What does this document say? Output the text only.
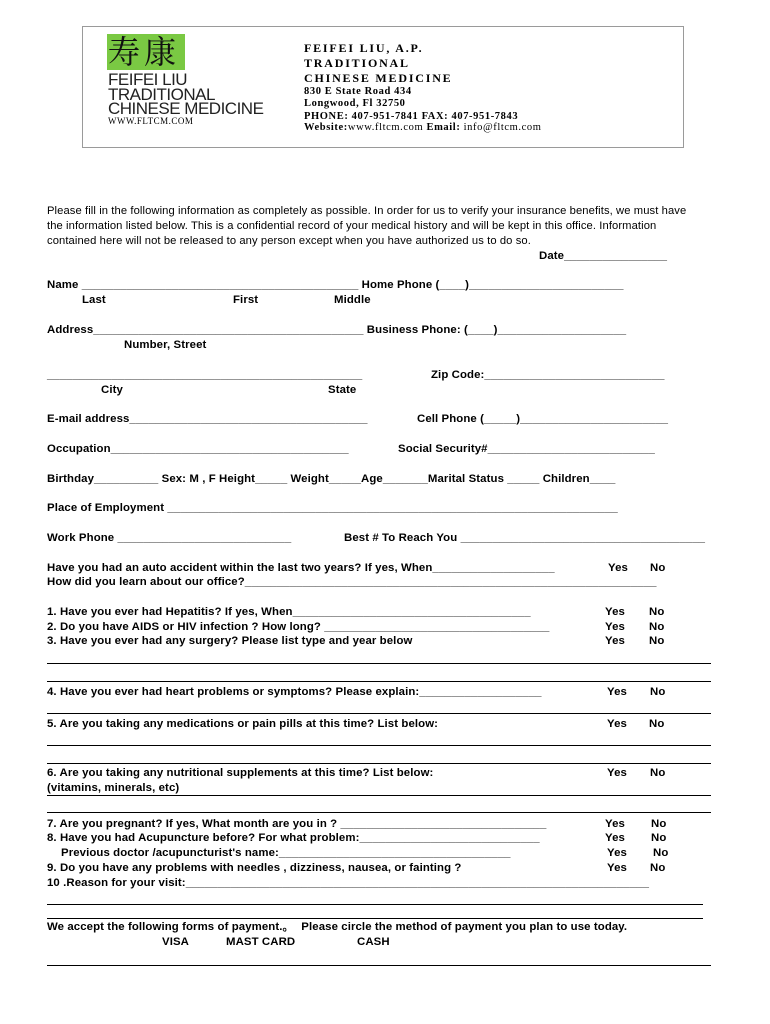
寿康
FEIFEI LIU
TRADITIONAL
CHINESE MEDICINE
WWW.FLTCM.COM
FEIFEI LIU, A.P.
TRADITIONAL
CHINESE MEDICINE
830 E State Road 434
Longwood, Fl 32750
PHONE: 407-951-7841 FAX: 407-951-7843
Website:www.fltcm.com Email: info@fltcm.com
Please fill in the following information as completely as possible. In order for us to verify your insurance benefits, we must have the information listed below. This is a confidential record of your medical history and will be kept in this office. Information contained here will not be released to any person except when you have authorized us to do so.
Date________________
Name ___________________________________________ Home Phone (____)________________________
Last	First	Middle
Address__________________________________________ Business Phone: (____)____________________
Number, Street
_________________________________________________	Zip Code:____________________________
City	State
E-mail address_____________________________________	Cell Phone (_____)_______________________
Occupation_____________________________________	Social Security#__________________________
Birthday__________ Sex: M , F Height_____ Weight_____Age_______Marital Status _____ Children____
Place of Employment ______________________________________________________________________
Work Phone ___________________________	Best # To Reach You ______________________________________
Have you had an auto accident within the last two years? If yes, When___________________	Yes No
How did you learn about our office?________________________________________________________________
1. Have you ever had Hepatitis? If yes, When_____________________________________	Yes No
2. Do you have AIDS or HIV infection ? How long? ___________________________________	Yes No
3. Have you ever had any surgery? Please list type and year below	Yes No
4. Have you ever had heart problems or symptoms? Please explain:___________________	Yes No
5. Are you taking any medications or pain pills at this time? List below:	Yes No
6. Are you taking any nutritional supplements at this time? List below:	Yes No
(vitamins, minerals, etc)
7. Are you pregnant? If yes, What month are you in ? ________________________________	Yes No
8. Have you had Acupuncture before? For what problem:____________________________	Yes No
Previous doctor /acupuncturist's name:____________________________________	Yes No
9. Do you have any problems with needles , dizziness, nausea, or fainting ?	Yes No
10 .Reason for your visit:________________________________________________________________________
We accept the following forms of payment.。 Please circle the method of payment you plan to use today.
VISA	MAST CARD	CASH
